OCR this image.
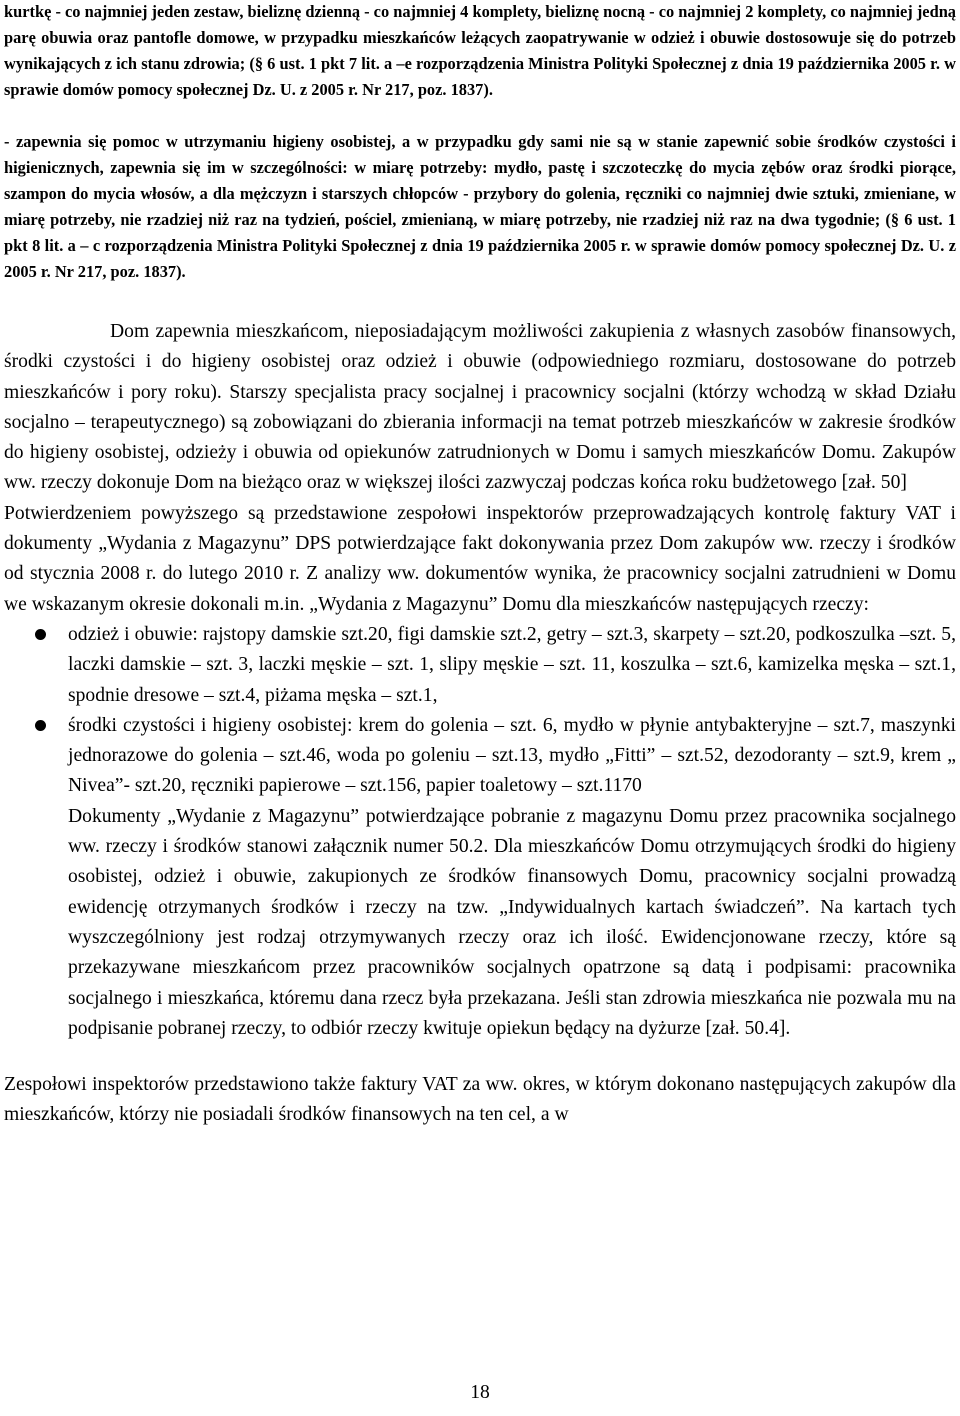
kurtkę - co najmniej jeden zestaw, bieliznę dzienną - co najmniej 4 komplety, bieliznę nocną - co najmniej 2 komplety, co najmniej jedną parę obuwia oraz pantofle domowe, w przypadku mieszkańców leżących zaopatrywanie w odzież i obuwie dostosowuje się do potrzeb wynikających z ich stanu zdrowia; (§ 6 ust. 1 pkt 7 lit. a –e rozporządzenia Ministra Polityki Społecznej z dnia 19 października 2005 r. w sprawie domów pomocy społecznej Dz. U. z 2005 r. Nr 217, poz. 1837).

- zapewnia się pomoc w utrzymaniu higieny osobistej, a w przypadku gdy sami nie są w stanie zapewnić sobie środków czystości i higienicznych, zapewnia się im w szczególności: w miarę potrzeby: mydło, pastę i szczoteczkę do mycia zębów oraz środki piorące, szampon do mycia włosów, a dla mężczyzn i starszych chłopców - przybory do golenia, ręczniki co najmniej dwie sztuki, zmieniane, w miarę potrzeby, nie rzadziej niż raz na tydzień, pościel, zmienianą, w miarę potrzeby, nie rzadziej niż raz na dwa tygodnie; (§ 6 ust. 1 pkt 8 lit. a – c rozporządzenia Ministra Polityki Społecznej z dnia 19 października 2005 r. w sprawie domów pomocy społecznej Dz. U. z 2005 r. Nr 217, poz. 1837).

Dom zapewnia mieszkańcom, nieposiadającym możliwości zakupienia z własnych zasobów finansowych, środki czystości i do higieny osobistej oraz odzież i obuwie (odpowiedniego rozmiaru, dostosowane do potrzeb mieszkańców i pory roku). Starszy specjalista pracy socjalnej i pracownicy socjalni (którzy wchodzą w skład Działu socjalno – terapeutycznego) są zobowiązani do zbierania informacji na temat potrzeb mieszkańców w zakresie środków do higieny osobistej, odzieży i obuwia od opiekunów zatrudnionych w Domu i samych mieszkańców Domu. Zakupów ww. rzeczy dokonuje Dom na bieżąco oraz w większej ilości zazwyczaj podczas końca roku budżetowego [zał. 50]

Potwierdzeniem powyższego są przedstawione zespołowi inspektorów przeprowadzających kontrolę faktury VAT i dokumenty „Wydania z Magazynu” DPS potwierdzające fakt dokonywania przez Dom zakupów ww. rzeczy i środków od stycznia 2008 r. do lutego 2010 r. Z analizy ww. dokumentów wynika, że pracownicy socjalni zatrudnieni w Domu we wskazanym okresie dokonali m.in. „Wydania z Magazynu” Domu dla mieszkańców następujących rzeczy:

odzież i obuwie: rajstopy damskie szt.20, figi damskie szt.2, getry – szt.3, skarpety – szt.20, podkoszulka –szt. 5, laczki damskie – szt. 3, laczki męskie – szt. 1, slipy męskie – szt. 11, koszulka – szt.6, kamizelka męska – szt.1, spodnie dresowe – szt.4, piżama męska – szt.1,
środki czystości i higieny osobistej: krem do golenia – szt. 6, mydło w płynie antybakteryjne – szt.7, maszynki jednorazowe do golenia – szt.46, woda po goleniu – szt.13, mydło „Fitti” – szt.52, dezodoranty – szt.9, krem „ Nivea”- szt.20, ręczniki papierowe – szt.156, papier toaletowy – szt.1170

Dokumenty „Wydanie z Magazynu” potwierdzające pobranie z magazynu Domu przez pracownika socjalnego ww. rzeczy i środków stanowi załącznik numer 50.2. Dla mieszkańców Domu otrzymujących środki do higieny osobistej, odzież i obuwie, zakupionych ze środków finansowych Domu, pracownicy socjalni prowadzą ewidencję otrzymanych środków i rzeczy na tzw. „Indywidualnych kartach świadczeń”. Na kartach tych wyszczególniony jest rodzaj otrzymywanych rzeczy oraz ich ilość. Ewidencjonowane rzeczy, które są przekazywane mieszkańcom przez pracowników socjalnych opatrzone są datą i podpisami: pracownika socjalnego i mieszkańca, któremu dana rzecz była przekazana. Jeśli stan zdrowia mieszkańca nie pozwala mu na podpisanie pobranej rzeczy, to odbiór rzeczy kwituje opiekun będący na dyżurze [zał. 50.4].

Zespołowi inspektorów przedstawiono także faktury VAT za ww. okres, w którym dokonano następujących zakupów dla mieszkańców, którzy nie posiadali środków finansowych na ten cel, a w

18
